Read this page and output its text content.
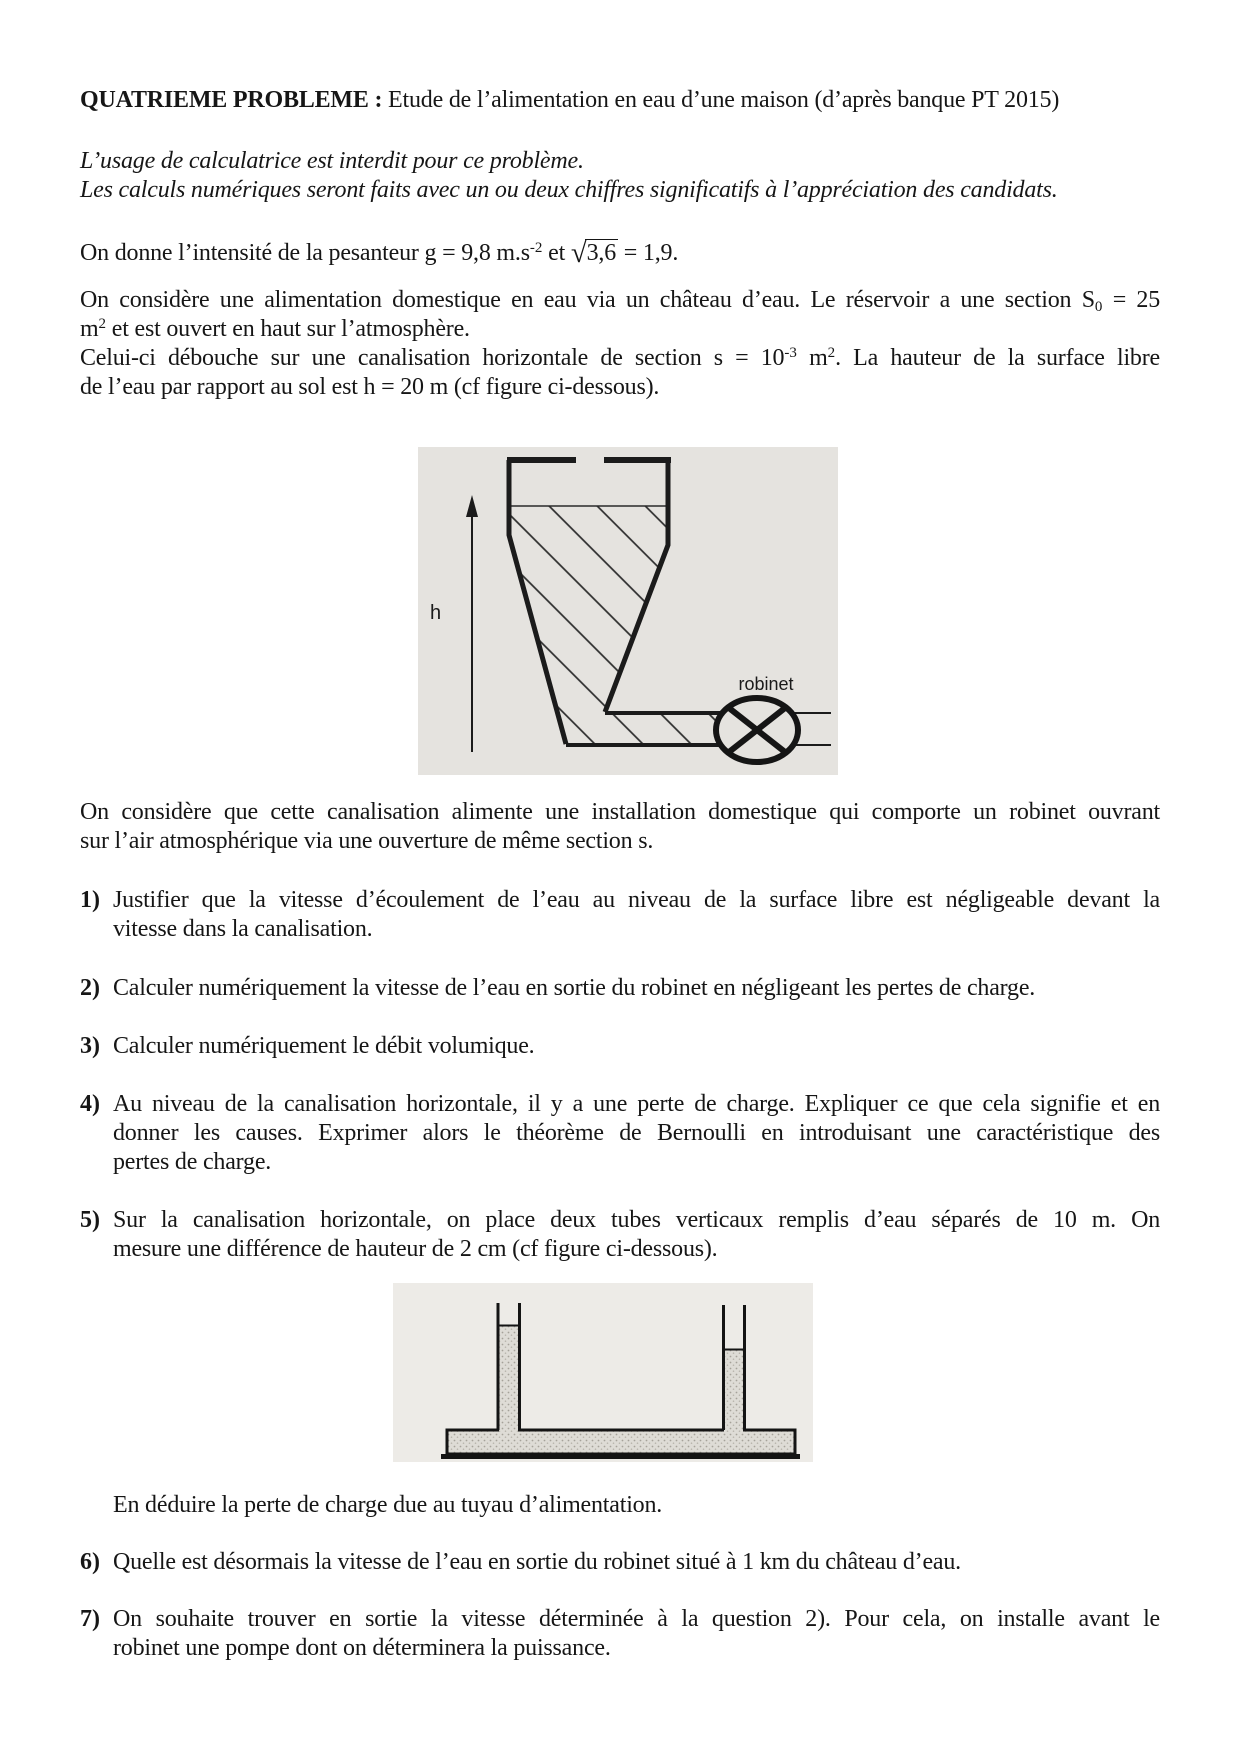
QUATRIEME PROBLEME : Etude de l’alimentation en eau d’une maison (d’après banque PT 2015)
L’usage de calculatrice est interdit pour ce problème.
Les calculs numériques seront faits avec un ou deux chiffres significatifs à l’appréciation des candidats.
On donne l’intensité de la pesanteur g = 9,8 $m.s^{-2}$ et √3,6 = 1,9.
On considère une alimentation domestique en eau via un château d’eau. Le réservoir a une section $S_0 = 25$
$m^2$ et est ouvert en haut sur l’atmosphère.
Celui-ci débouche sur une canalisation horizontale de section $s = 10^{-3}$ $m^2$. La hauteur de la surface libre
de l’eau par rapport au sol est h = 20 m (cf figure ci-dessous).
h
robinet
On considère que cette canalisation alimente une installation domestique qui comporte un robinet ouvrant
sur l’air atmosphérique via une ouverture de même section s.
1) Justifier que la vitesse d’écoulement de l’eau au niveau de la surface libre est négligeable devant la
vitesse dans la canalisation.
2) Calculer numériquement la vitesse de l’eau en sortie du robinet en négligeant les pertes de charge.
3) Calculer numériquement le débit volumique.
4) Au niveau de la canalisation horizontale, il y a une perte de charge. Expliquer ce que cela signifie et en
donner les causes. Exprimer alors le théorème de Bernoulli en introduisant une caractéristique des
pertes de charge.
5) Sur la canalisation horizontale, on place deux tubes verticaux remplis d’eau séparés de 10 m. On
mesure une différence de hauteur de 2 cm (cf figure ci-dessous).
En déduire la perte de charge due au tuyau d’alimentation.
6) Quelle est désormais la vitesse de l’eau en sortie du robinet situé à 1 km du château d’eau.
7) On souhaite trouver en sortie la vitesse déterminée à la question 2). Pour cela, on installe avant le
robinet une pompe dont on déterminera la puissance.
